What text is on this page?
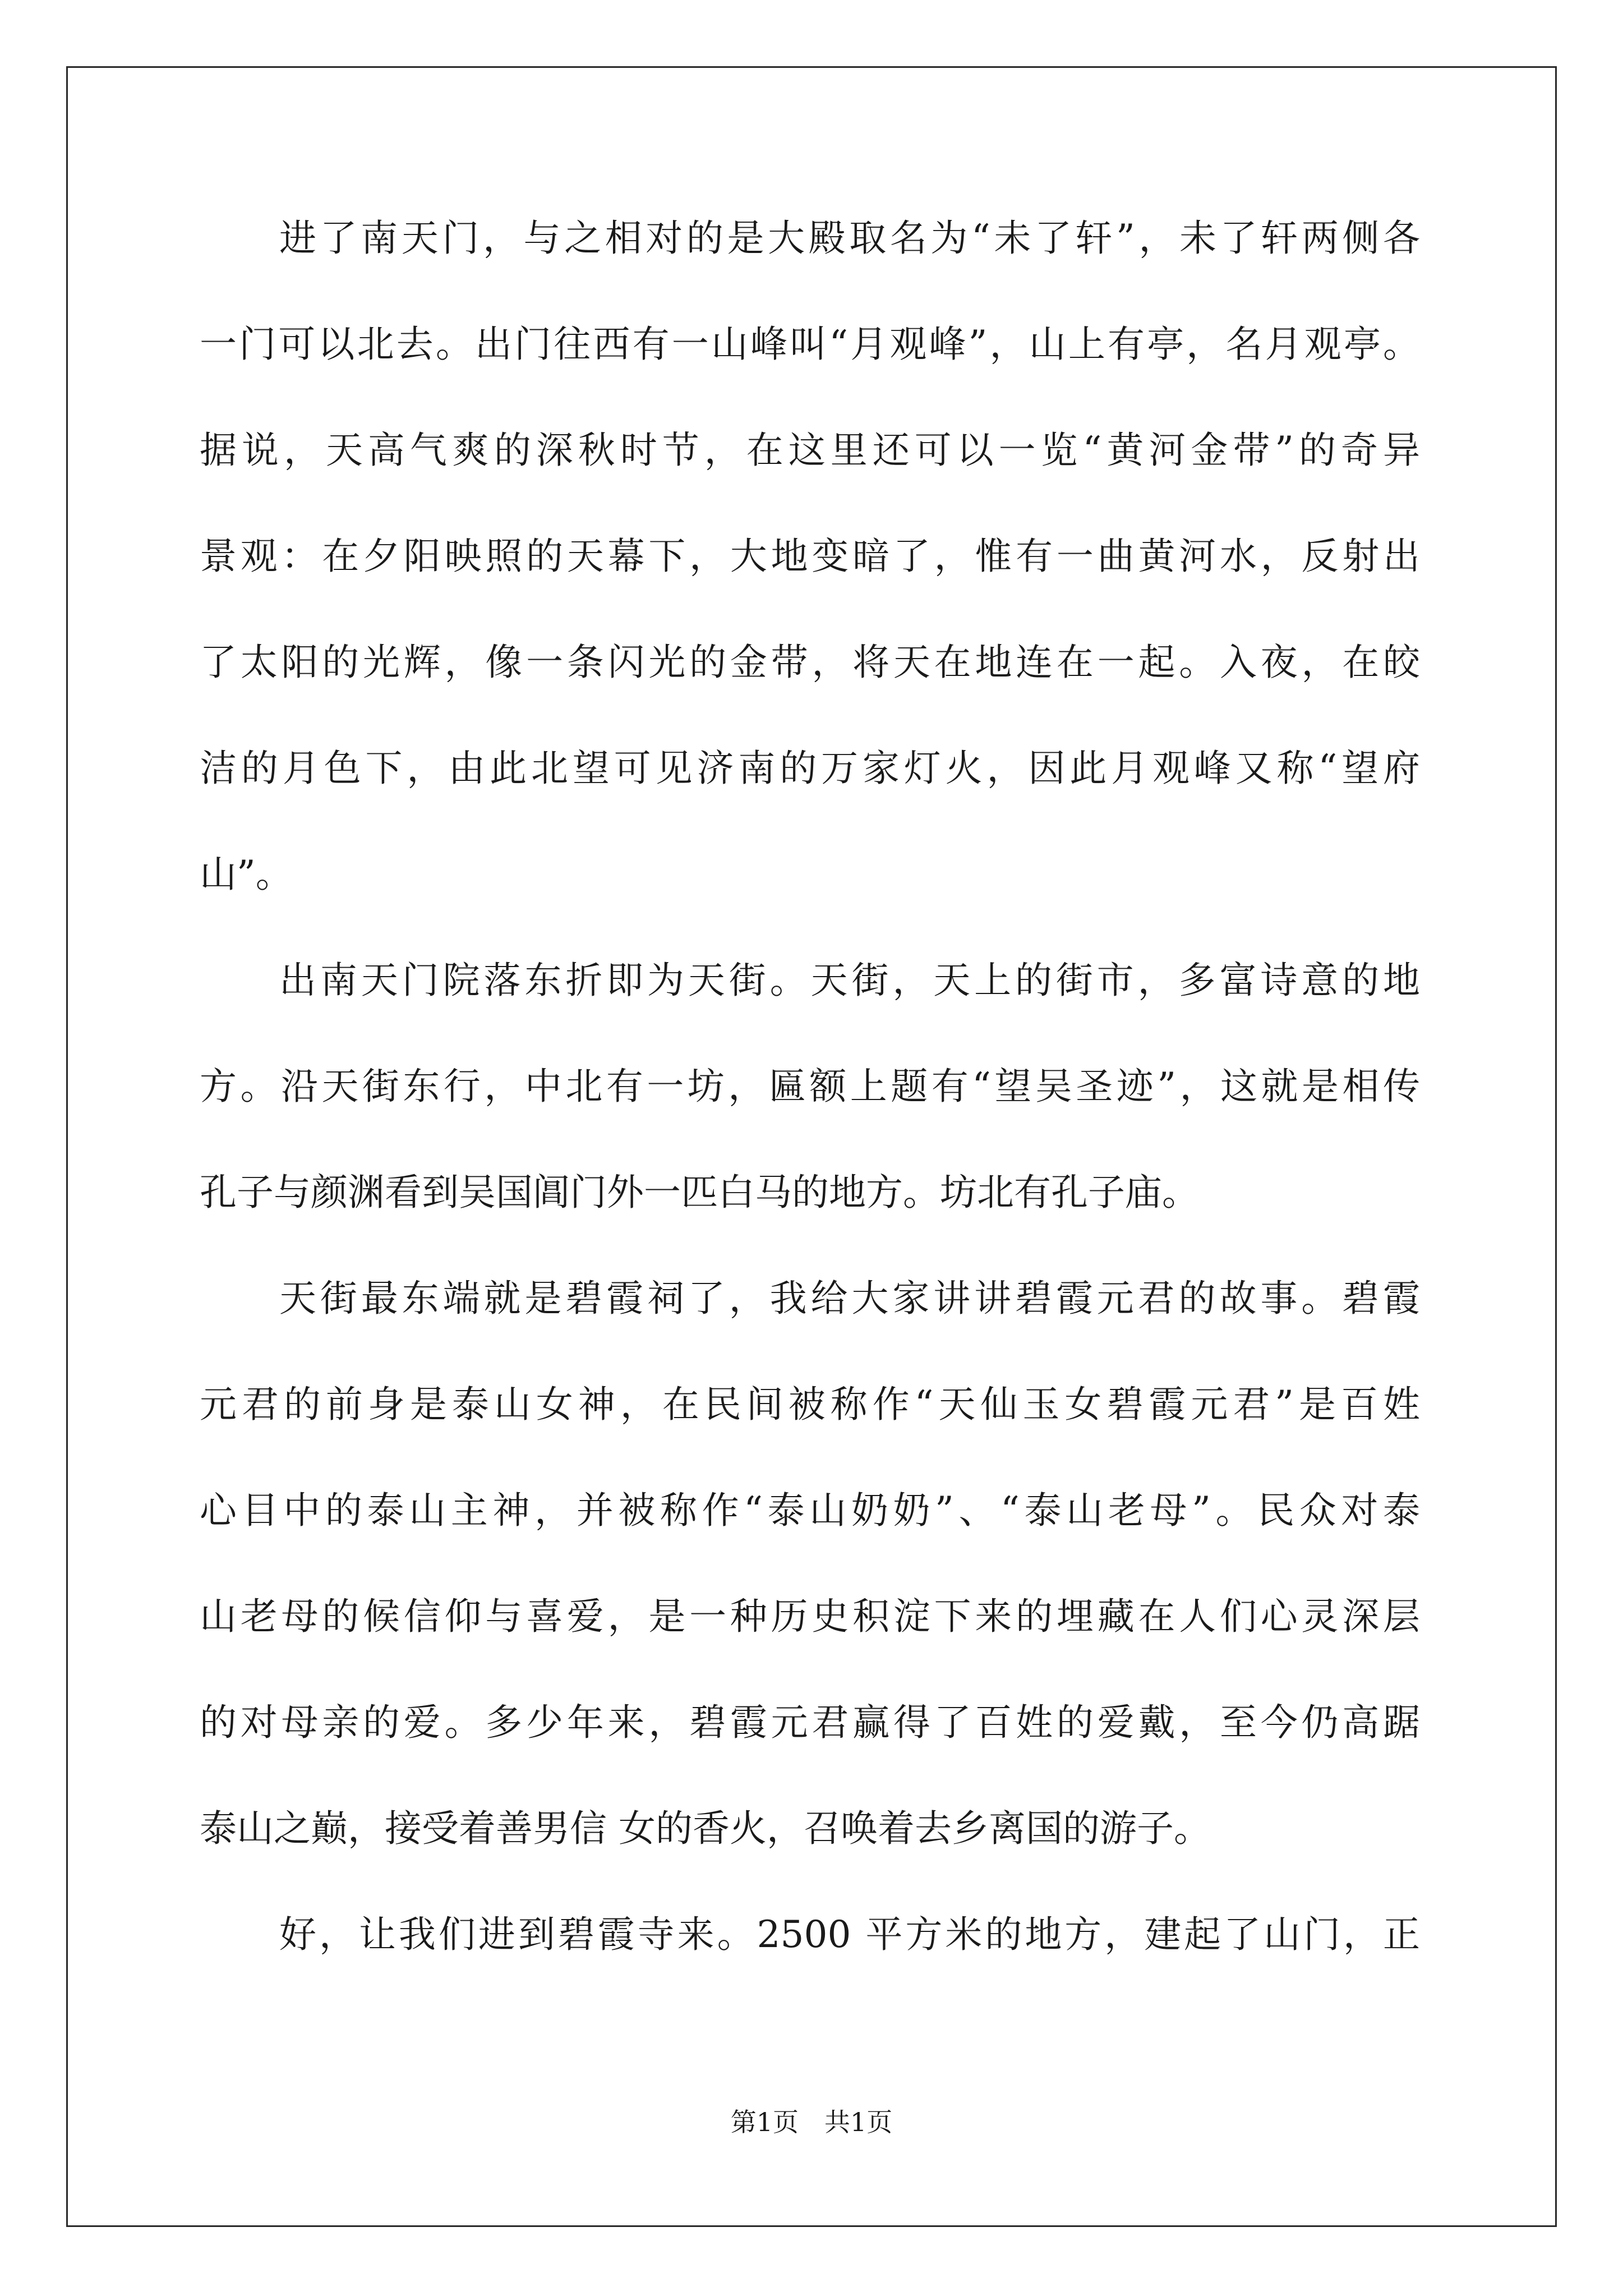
进了南天门，与之相对的是大殿取名为“未了轩”，未了轩两侧各
一门可以北去。出门往西有一山峰叫“月观峰”，山上有亭，名月观亭。
据说，天高气爽的深秋时节，在这里还可以一览“黄河金带”的奇异
景观：在夕阳映照的天幕下，大地变暗了，惟有一曲黄河水，反射出
了太阳的光辉，像一条闪光的金带，将天在地连在一起。入夜，在皎
洁的月色下，由此北望可见济南的万家灯火，因此月观峰又称“望府
山”。
出南天门院落东折即为天街。天街，天上的街市，多富诗意的地
方。沿天街东行，中北有一坊，匾额上题有“望吴圣迹”，这就是相传
孔子与颜渊看到吴国阊门外一匹白马的地方。坊北有孔子庙。
天街最东端就是碧霞祠了，我给大家讲讲碧霞元君的故事。碧霞
元君的前身是泰山女神，在民间被称作“天仙玉女碧霞元君”是百姓
心目中的泰山主神，并被称作“泰山奶奶”、“泰山老母”。民众对泰
山老母的候信仰与喜爱，是一种历史积淀下来的埋藏在人们心灵深层
的对母亲的爱。多少年来，碧霞元君赢得了百姓的爱戴，至今仍高踞
泰山之巅，接受着善男信 女的香火，召唤着去乡离国的游子。
好，让我们进到碧霞寺来。2500 平方米的地方，建起了山门，正
第1页　共1页
